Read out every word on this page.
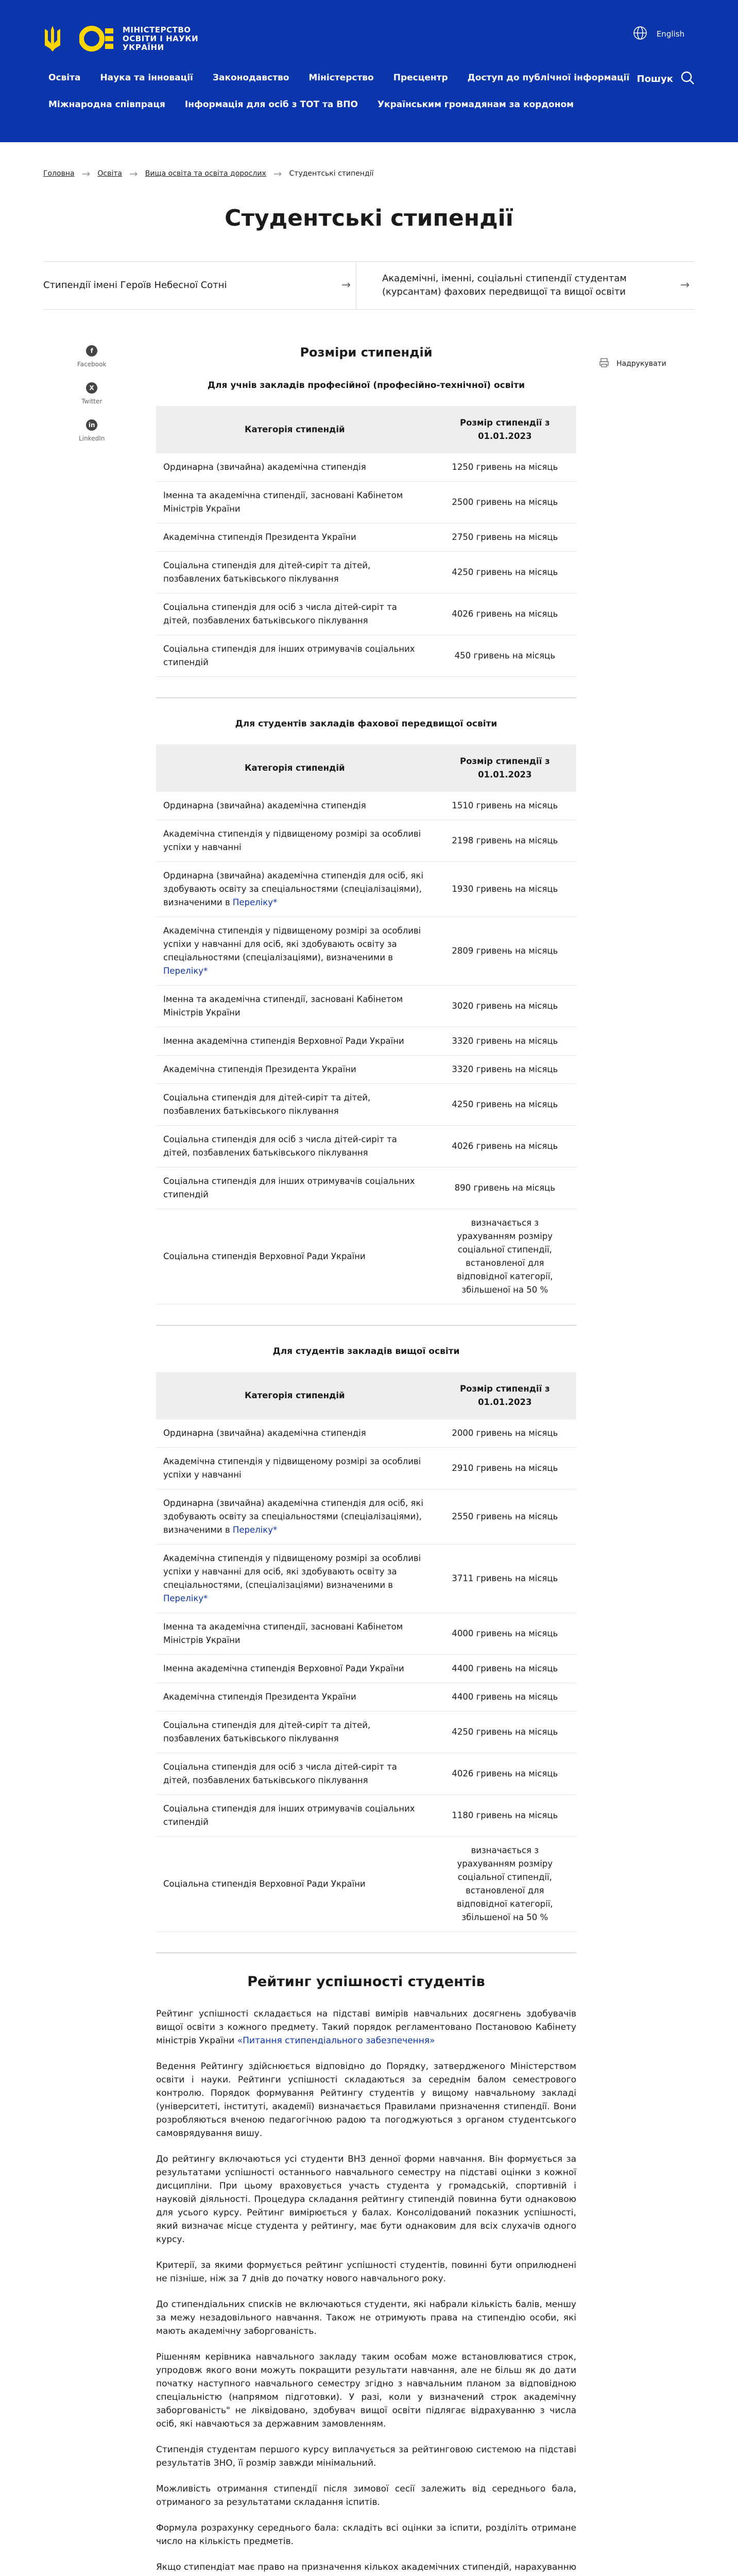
МІНІСТЕРСТВО
ОСВІТИ І НАУКИ
УКРАЇНИ
English
Освіта Наука та інновації Законодавство Міністерство Пресцентр Доступ до публічної інформації
Міжнародна співпраця Інформація для осіб з ТОТ та ВПО Українським громадянам за кордоном
Пошук
Головна → Освіта → Вища освіта та освіта дорослих → Студентські стипендії
Студентські стипендії
Стипендії імені Героїв Небесної Сотні	→
Академічні, іменні, соціальні стипендії студентам (курсантам) фахових передвищої та вищої освіти
→
f
Facebook
X
Twitter
in
LinkedIn
Надрукувати
Розміри стипендій
Для учнів закладів професійної (професійно-технічної) освіти
Категорія стипендій	Розмір стипендії з 01.01.2023
Ординарна (звичайна) академічна стипендія	1250 гривень на місяць
Іменна та академічна стипендії, засновані Кабінетом Міністрів України	2500 гривень на місяць
Академічна стипендія Президента України	2750 гривень на місяць
Соціальна стипендія для дітей-сиріт та дітей, позбавлених батьківського піклування	4250 гривень на місяць
Соціальна стипендія для осіб з числа дітей-сиріт та дітей, позбавлених батьківського піклування	4026 гривень на місяць
Соціальна стипендія для інших отримувачів соціальних стипендій	450 гривень на місяць
Для студентів закладів фахової передвищої освіти
Категорія стипендій	Розмір стипендії з 01.01.2023
Ординарна (звичайна) академічна стипендія	1510 гривень на місяць
Академічна стипендія у підвищеному розмірі за особливі успіхи у навчанні	2198 гривень на місяць
Ординарна (звичайна) академічна стипендія для осіб, які здобувають освіту за спеціальностями (спеціалізаціями), визначеними в Переліку*	1930 гривень на місяць
Академічна стипендія у підвищеному розмірі за особливі успіхи у навчанні для осіб, які здобувають освіту за спеціальностями (спеціалізаціями), визначеними в Переліку*	2809 гривень на місяць
Іменна та академічна стипендії, засновані Кабінетом Міністрів України	3020 гривень на місяць
Іменна академічна стипендія Верховної Ради України	3320 гривень на місяць
Академічна стипендія Президента України	3320 гривень на місяць
Соціальна стипендія для дітей-сиріт та дітей, позбавлених батьківського піклування	4250 гривень на місяць
Соціальна стипендія для осіб з числа дітей-сиріт та дітей, позбавлених батьківського піклування	4026 гривень на місяць
Соціальна стипендія для інших отримувачів соціальних стипендій	890 гривень на місяць
Соціальна стипендія Верховної Ради України	визначається з урахуванням розміру соціальної стипендії, встановленої для відповідної категорії, збільшеної на 50 %
Для студентів закладів вищої освіти
Категорія стипендій	Розмір стипендії з 01.01.2023
Ординарна (звичайна) академічна стипендія	2000 гривень на місяць
Академічна стипендія у підвищеному розмірі за особливі успіхи у навчанні	2910 гривень на місяць
Ординарна (звичайна) академічна стипендія для осіб, які здобувають освіту за спеціальностями (спеціалізаціями), визначеними в Переліку*	2550 гривень на місяць
Академічна стипендія у підвищеному розмірі за особливі успіхи у навчанні для осіб, які здобувають освіту за спеціальностями, (спеціалізаціями) визначеними в Переліку*	3711 гривень на місяць
Іменна та академічна стипендії, засновані Кабінетом Міністрів України	4000 гривень на місяць
Іменна академічна стипендія Верховної Ради України	4400 гривень на місяць
Академічна стипендія Президента України	4400 гривень на місяць
Соціальна стипендія для дітей-сиріт та дітей, позбавлених батьківського піклування	4250 гривень на місяць
Соціальна стипендія для осіб з числа дітей-сиріт та дітей, позбавлених батьківського піклування	4026 гривень на місяць
Соціальна стипендія для інших отримувачів соціальних стипендій	1180 гривень на місяць
Соціальна стипендія Верховної Ради України	визначається з урахуванням розміру соціальної стипендії, встановленої для відповідної категорії, збільшеної на 50 %
Рейтинг успішності студентів

Рейтинг успішності складається на підставі вимірів навчальних досягнень здобувачів вищої освіти з кожного предмету. Такий порядок регламентовано Постановою Кабінету міністрів України «Питання стипендіального забезпечення»

Ведення Рейтингу здійснюється відповідно до Порядку, затвердженого Міністерством освіти і науки. Рейтинги успішності складаються за середнім балом семестрового контролю. Порядок формування Рейтингу студентів у вищому навчальному закладі (університеті, інституті, академії) визначається Правилами призначення стипендії. Вони розробляються вченою педагогічною радою та погоджуються з органом студентського самоврядування вишу.

До рейтингу включаються усі студенти ВНЗ денної форми навчання. Він формується за результатами успішності останнього навчального семестру на підставі оцінки з кожної дисципліни. При цьому враховується участь студента у громадській, спортивній і науковій діяльності. Процедура складання рейтингу стипендій повинна бути однаковою для усього курсу. Рейтинг вимірюється у балах. Консолідований показник успішності, який визначає місце студента у рейтингу, має бути однаковим для всіх слухачів одного курсу.

Критерії, за якими формується рейтинг успішності студентів, повинні бути оприлюднені не пізніше, ніж за 7 днів до початку нового навчального року.

До стипендіальних списків не включаються студенти, які набрали кількість балів, меншу за межу незадовільного навчання. Також не отримують права на стипендію особи, які мають академічну заборгованість.

Рішенням керівника навчального закладу таким особам може встановлюватися строк, упродовж якого вони можуть покращити результати навчання, але не більш як до дати початку наступного навчального семестру згідно з навчальним планом за відповідною спеціальністю (напрямом підготовки). У разі, коли у визначений строк академічну заборгованість" не ліквідовано, здобувач вищої освіти підлягає відрахуванню з числа осіб, які навчаються за державним замовленням.

Стипендія студентам першого курсу виплачується за рейтинговою системою на підставі результатів ЗНО, її розмір завжди мінімальний.

Можливість отримання стипендії після зимової сесії залежить від середнього бала, отриманого за результатами складання іспитів.

Формула розрахунку середнього бала: складіть всі оцінки за іспити, розділіть отримане число на кількість предметів.

Якщо стипендіат має право на призначення кількох академічних стипендій, нарахуванню
